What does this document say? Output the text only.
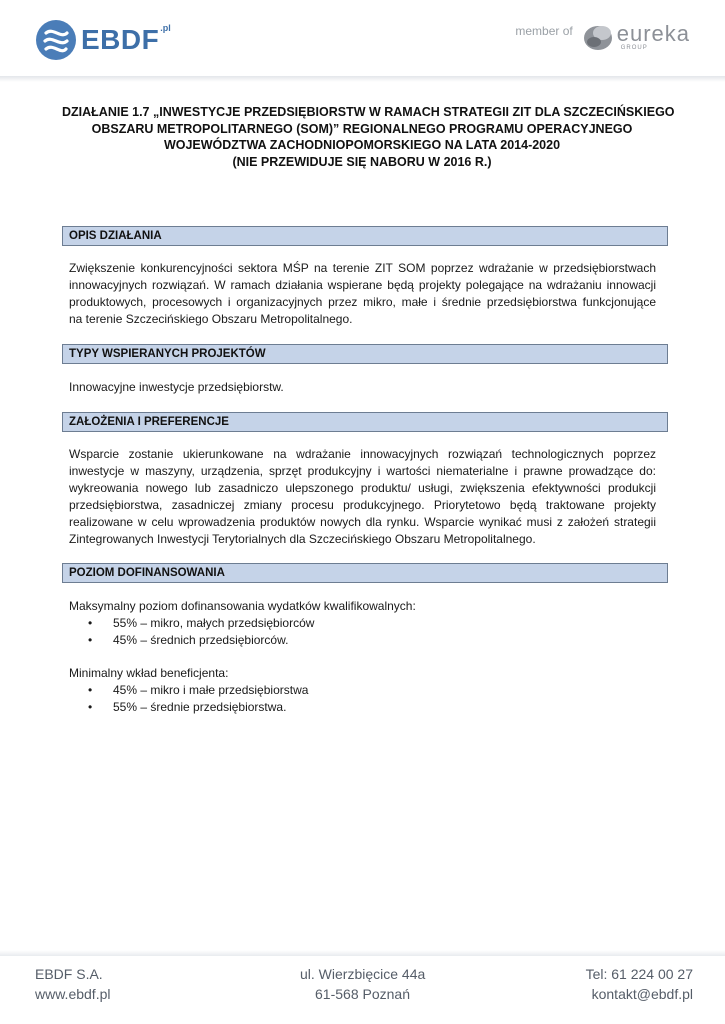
EBDF .pl	member of eureka
GROUP
DZIAŁANIE 1.7 „INWESTYCJE PRZEDSIĘBIORSTW W RAMACH STRATEGII ZIT DLA SZCZECIŃSKIEGO
OBSZARU METROPOLITARNEGO (SOM)” REGIONALNEGO PROGRAMU OPERACYJNEGO
WOJEWÓDZTWA ZACHODNIOPOMORSKIEGO NA LATA 2014-2020
(NIE PRZEWIDUJE SIĘ NABORU W 2016 R.)
OPIS DZIAŁANIA
Zwiększenie konkurencyjności sektora MŚP na terenie ZIT SOM poprzez wdrażanie w przedsiębiorstwach
innowacyjnych rozwiązań. W ramach działania wspierane będą projekty polegające na wdrażaniu innowacji
produktowych, procesowych i organizacyjnych przez mikro, małe i średnie przedsiębiorstwa funkcjonujące
na terenie Szczecińskiego Obszaru Metropolitalnego.
TYPY WSPIERANYCH PROJEKTÓW
Innowacyjne inwestycje przedsiębiorstw.
ZAŁOŻENIA I PREFERENCJE
Wsparcie zostanie ukierunkowane na wdrażanie innowacyjnych rozwiązań technologicznych poprzez
inwestycje w maszyny, urządzenia, sprzęt produkcyjny i wartości niematerialne i prawne prowadzące do:
wykreowania nowego lub zasadniczo ulepszonego produktu/ usługi, zwiększenia efektywności produkcji
przedsiębiorstwa, zasadniczej zmiany procesu produkcyjnego. Priorytetowo będą traktowane projekty
realizowane w celu wprowadzenia produktów nowych dla rynku. Wsparcie wynikać musi z założeń strategii
Zintegrowanych Inwestycji Terytorialnych dla Szczecińskiego Obszaru Metropolitalnego.
POZIOM DOFINANSOWANIA
Maksymalny poziom dofinansowania wydatków kwalifikowalnych:
• 55% – mikro, małych przedsiębiorców
• 45% – średnich przedsiębiorców.
Minimalny wkład beneficjenta:
• 45% – mikro i małe przedsiębiorstwa
• 55% – średnie przedsiębiorstwa.
EBDF S.A.
www.ebdf.pl
ul. Wierzbięcice 44a
61-568 Poznań
Tel: 61 224 00 27
kontakt@ebdf.pl
